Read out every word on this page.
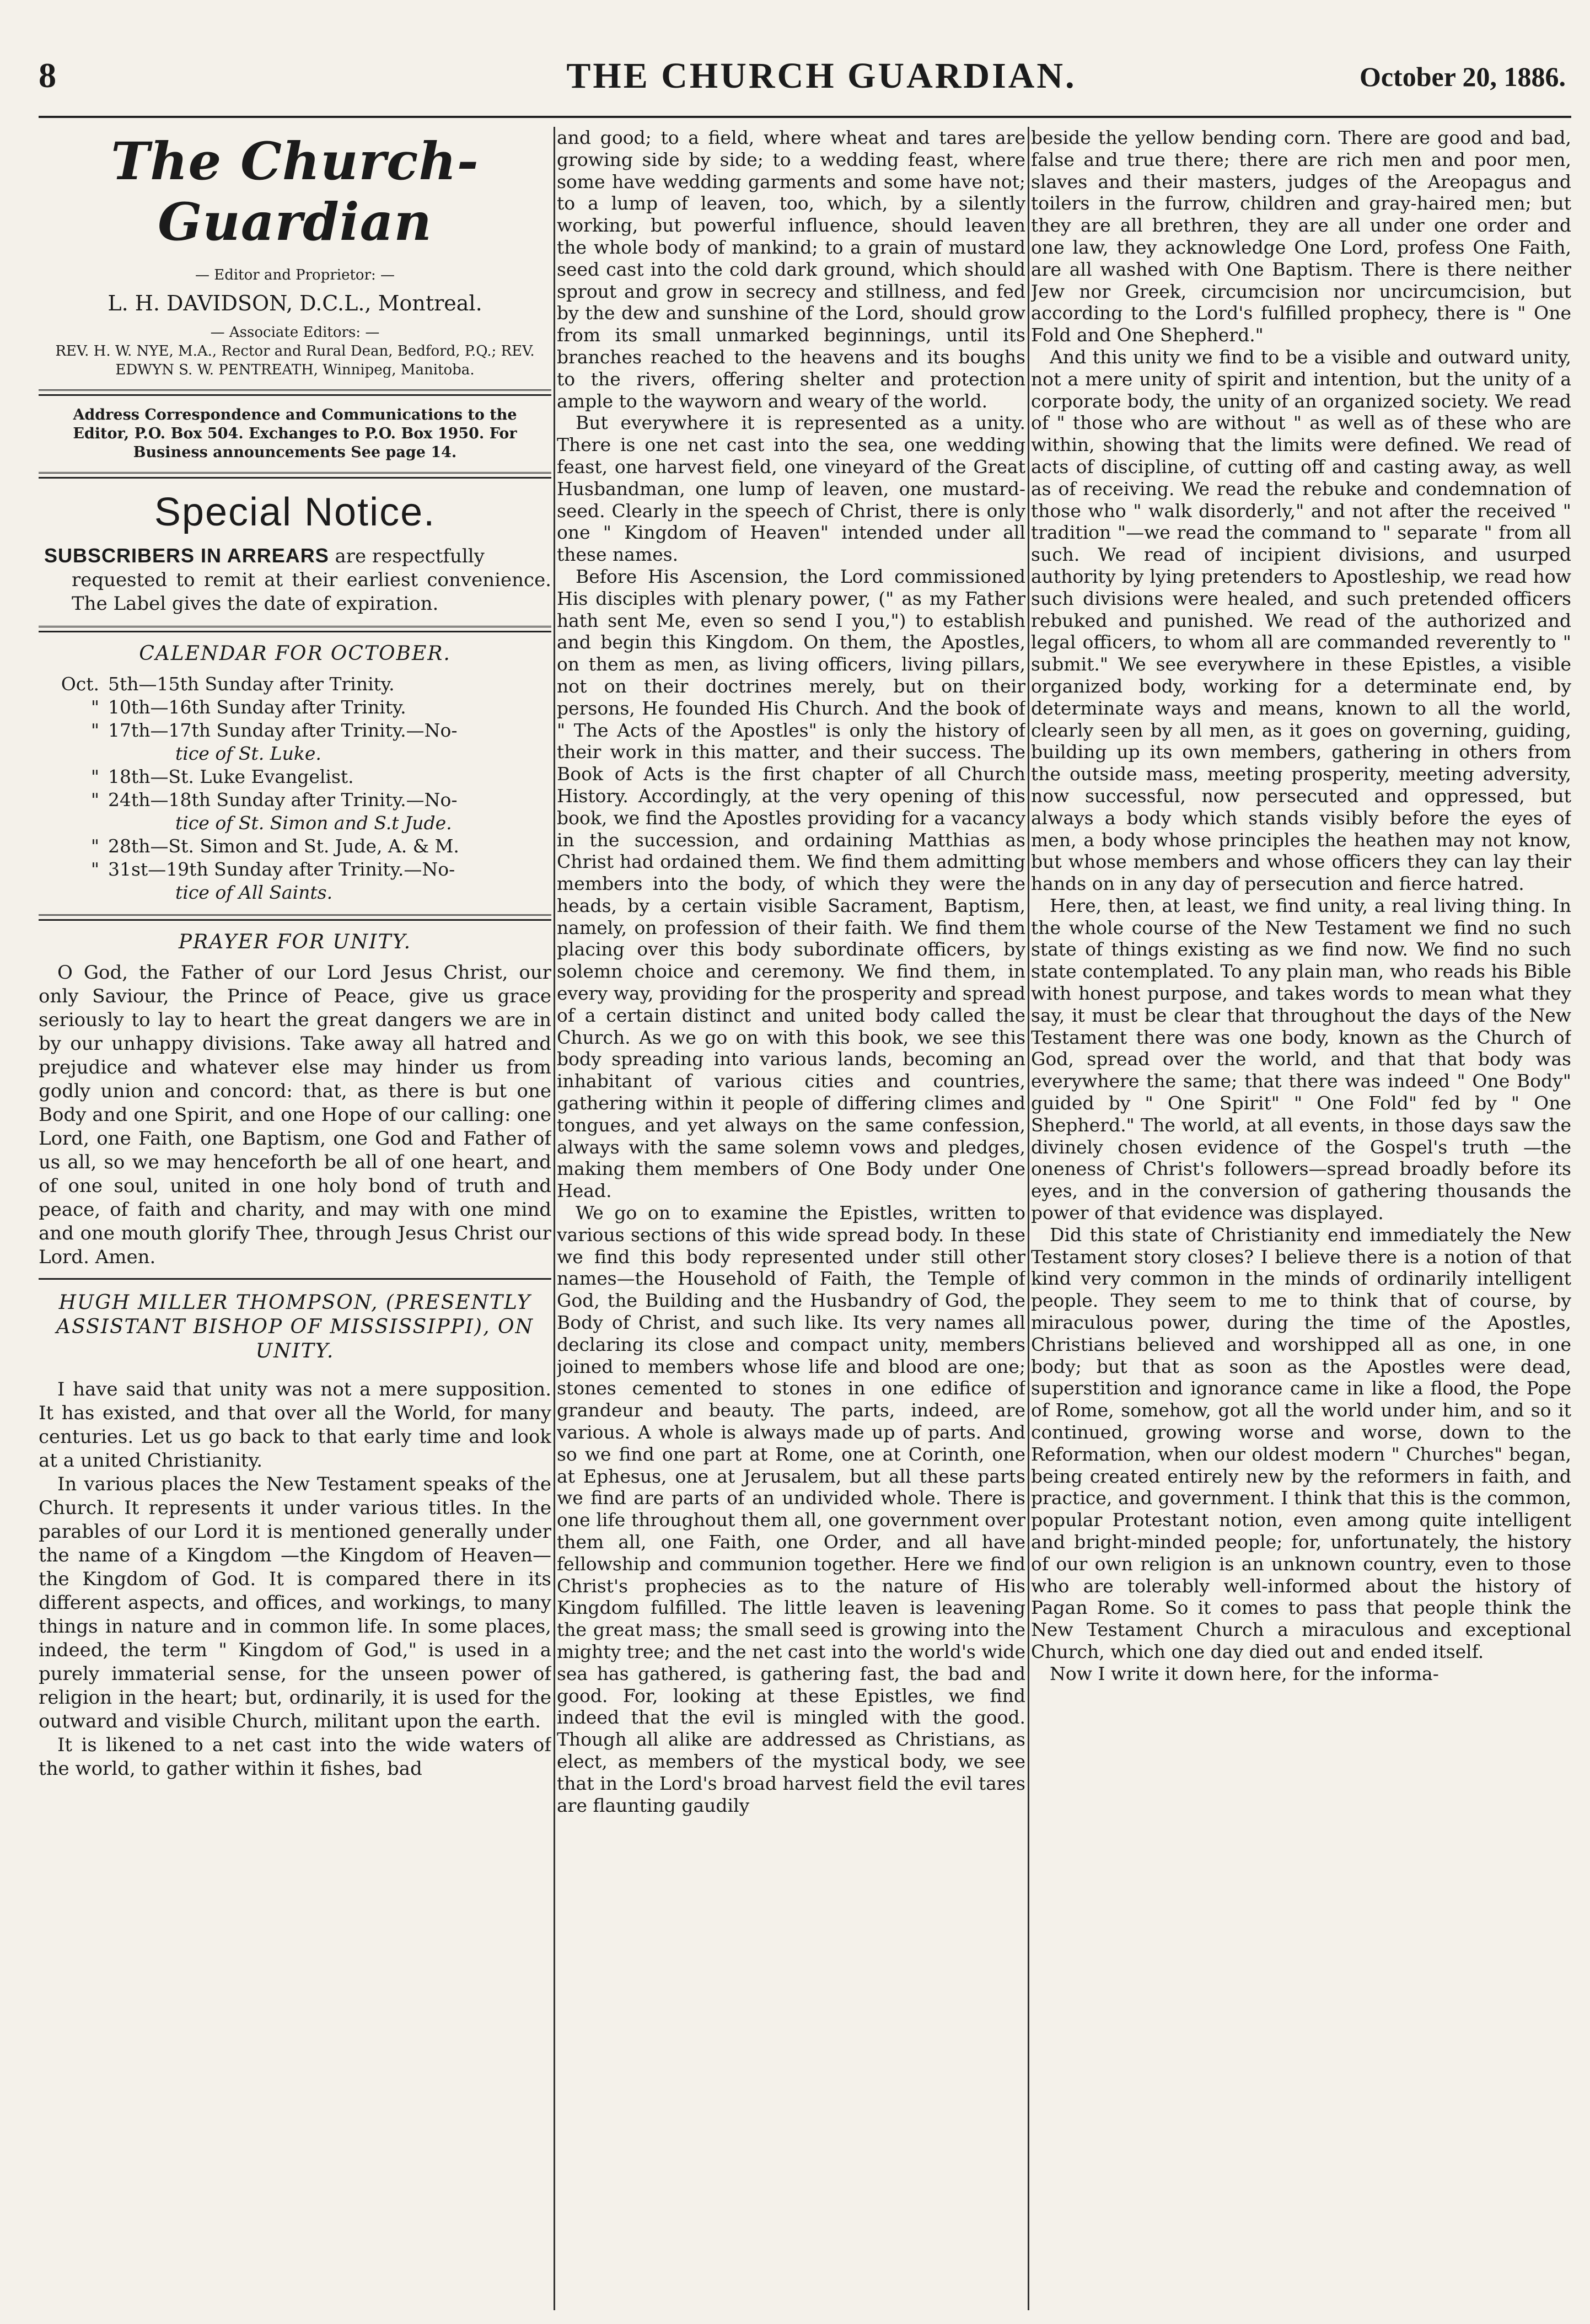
8	THE CHURCH GUARDIAN.	October 20, 1886.
The Church-Guardian
— Editor and Proprietor: —
L. H. DAVIDSON, D.C.L., Montreal.
— Associate Editors: —
REV. H. W. NYE, M.A., Rector and Rural Dean, Bedford, P.Q.; REV. EDWYN S. W. PENTREATH, Winnipeg, Manitoba.
Address Correspondence and Communications to the Editor, P.O. Box 504. Exchanges to P.O. Box 1950. For Business announcements See page 14.
Special Notice.
SUBSCRIBERS IN ARREARS are respectfully
requested to remit at their earliest convenience. The Label gives the date of expiration.
CALENDAR FOR OCTOBER.
Oct. 5th—15th Sunday after Trinity.
" 10th—16th Sunday after Trinity.
" 17th—17th Sunday after Trinity.—No-
tice of St. Luke.
" 18th—St. Luke Evangelist.
" 24th—18th Sunday after Trinity.—No-
tice of St. Simon and S.t Jude.
" 28th—St. Simon and St. Jude, A. & M.
" 31st—19th Sunday after Trinity.—No-
tice of All Saints.
PRAYER FOR UNITY.

O God, the Father of our Lord Jesus Christ, our only Saviour, the Prince of Peace, give us grace seriously to lay to heart the great dangers we are in by our unhappy divisions. Take away all hatred and prejudice and whatever else may hinder us from godly union and concord: that, as there is but one Body and one Spirit, and one Hope of our calling: one Lord, one Faith, one Baptism, one God and Father of us all, so we may henceforth be all of one heart, and of one soul, united in one holy bond of truth and peace, of faith and charity, and may with one mind and one mouth glorify Thee, through Jesus Christ our Lord. Amen.

HUGH MILLER THOMPSON, (PRESENTLY ASSISTANT BISHOP OF MISSISSIPPI), ON UNITY.

I have said that unity was not a mere supposition. It has existed, and that over all the World, for many centuries. Let us go back to that early time and look at a united Christianity.

In various places the New Testament speaks of the Church. It represents it under various titles. In the parables of our Lord it is mentioned generally under the name of a Kingdom —the Kingdom of Heaven—the Kingdom of God. It is compared there in its different aspects, and offices, and workings, to many things in nature and in common life. In some places, indeed, the term " Kingdom of God," is used in a purely immaterial sense, for the unseen power of religion in the heart; but, ordinarily, it is used for the outward and visible Church, militant upon the earth.

It is likened to a net cast into the wide waters of the world, to gather within it fishes, bad

and good; to a field, where wheat and tares are growing side by side; to a wedding feast, where some have wedding garments and some have not; to a lump of leaven, too, which, by a silently working, but powerful influence, should leaven the whole body of mankind; to a grain of mustard seed cast into the cold dark ground, which should sprout and grow in secrecy and stillness, and fed by the dew and sunshine of the Lord, should grow from its small unmarked beginnings, until its branches reached to the heavens and its boughs to the rivers, offering shelter and protection ample to the wayworn and weary of the world.

But everywhere it is represented as a unity. There is one net cast into the sea, one wedding feast, one harvest field, one vineyard of the Great Husbandman, one lump of leaven, one mustard-seed. Clearly in the speech of Christ, there is only one " Kingdom of Heaven" intended under all these names.

Before His Ascension, the Lord commissioned His disciples with plenary power, (" as my Father hath sent Me, even so send I you,") to establish and begin this Kingdom. On them, the Apostles, on them as men, as living officers, living pillars, not on their doctrines merely, but on their persons, He founded His Church. And the book of " The Acts of the Apostles" is only the history of their work in this matter, and their success. The Book of Acts is the first chapter of all Church History. Accordingly, at the very opening of this book, we find the Apostles providing for a vacancy in the succession, and ordaining Matthias as Christ had ordained them. We find them admitting members into the body, of which they were the heads, by a certain visible Sacrament, Baptism, namely, on profession of their faith. We find them placing over this body subordinate officers, by solemn choice and ceremony. We find them, in every way, providing for the prosperity and spread of a certain distinct and united body called the Church. As we go on with this book, we see this body spreading into various lands, becoming an inhabitant of various cities and countries, gathering within it people of differing climes and tongues, and yet always on the same confession, always with the same solemn vows and pledges, making them members of One Body under One Head.

We go on to examine the Epistles, written to various sections of this wide spread body. In these we find this body represented under still other names—the Household of Faith, the Temple of God, the Building and the Husbandry of God, the Body of Christ, and such like. Its very names all declaring its close and compact unity, members joined to members whose life and blood are one; stones cemented to stones in one edifice of grandeur and beauty. The parts, indeed, are various. A whole is always made up of parts. And so we find one part at Rome, one at Corinth, one at Ephesus, one at Jerusalem, but all these parts we find are parts of an undivided whole. There is one life throughout them all, one government over them all, one Faith, one Order, and all have fellowship and communion together. Here we find Christ's prophecies as to the nature of His Kingdom fulfilled. The little leaven is leavening the great mass; the small seed is growing into the mighty tree; and the net cast into the world's wide sea has gathered, is gathering fast, the bad and good. For, looking at these Epistles, we find indeed that the evil is mingled with the good. Though all alike are addressed as Christians, as elect, as members of the mystical body, we see that in the Lord's broad harvest field the evil tares are flaunting gaudily

beside the yellow bending corn. There are good and bad, false and true there; there are rich men and poor men, slaves and their masters, judges of the Areopagus and toilers in the furrow, children and gray-haired men; but they are all brethren, they are all under one order and one law, they acknowledge One Lord, profess One Faith, are all washed with One Baptism. There is there neither Jew nor Greek, circumcision nor uncircumcision, but according to the Lord's fulfilled prophecy, there is " One Fold and One Shepherd."

And this unity we find to be a visible and outward unity, not a mere unity of spirit and intention, but the unity of a corporate body, the unity of an organized society. We read of " those who are without " as well as of these who are within, showing that the limits were defined. We read of acts of discipline, of cutting off and casting away, as well as of receiving. We read the rebuke and condemnation of those who " walk disorderly," and not after the received " tradition "—we read the command to " separate " from all such. We read of incipient divisions, and usurped authority by lying pretenders to Apostleship, we read how such divisions were healed, and such pretended officers rebuked and punished. We read of the authorized and legal officers, to whom all are commanded reverently to " submit." We see everywhere in these Epistles, a visible organized body, working for a determinate end, by determinate ways and means, known to all the world, clearly seen by all men, as it goes on governing, guiding, building up its own members, gathering in others from the outside mass, meeting prosperity, meeting adversity, now successful, now persecuted and oppressed, but always a body which stands visibly before the eyes of men, a body whose principles the heathen may not know, but whose members and whose officers they can lay their hands on in any day of persecution and fierce hatred.

Here, then, at least, we find unity, a real living thing. In the whole course of the New Testament we find no such state of things existing as we find now. We find no such state contemplated. To any plain man, who reads his Bible with honest purpose, and takes words to mean what they say, it must be clear that throughout the days of the New Testament there was one body, known as the Church of God, spread over the world, and that that body was everywhere the same; that there was indeed " One Body" guided by " One Spirit" " One Fold" fed by " One Shepherd." The world, at all events, in those days saw the divinely chosen evidence of the Gospel's truth —the oneness of Christ's followers—spread broadly before its eyes, and in the conversion of gathering thousands the power of that evidence was displayed.

Did this state of Christianity end immediately the New Testament story closes? I believe there is a notion of that kind very common in the minds of ordinarily intelligent people. They seem to me to think that of course, by miraculous power, during the time of the Apostles, Christians believed and worshipped all as one, in one body; but that as soon as the Apostles were dead, superstition and ignorance came in like a flood, the Pope of Rome, somehow, got all the world under him, and so it continued, growing worse and worse, down to the Reformation, when our oldest modern " Churches" began, being created entirely new by the reformers in faith, and practice, and government. I think that this is the common, popular Protestant notion, even among quite intelligent and bright-minded people; for, unfortunately, the history of our own religion is an unknown country, even to those who are tolerably well-informed about the history of Pagan Rome. So it comes to pass that people think the New Testament Church a miraculous and exceptional Church, which one day died out and ended itself.

Now I write it down here, for the informa-
